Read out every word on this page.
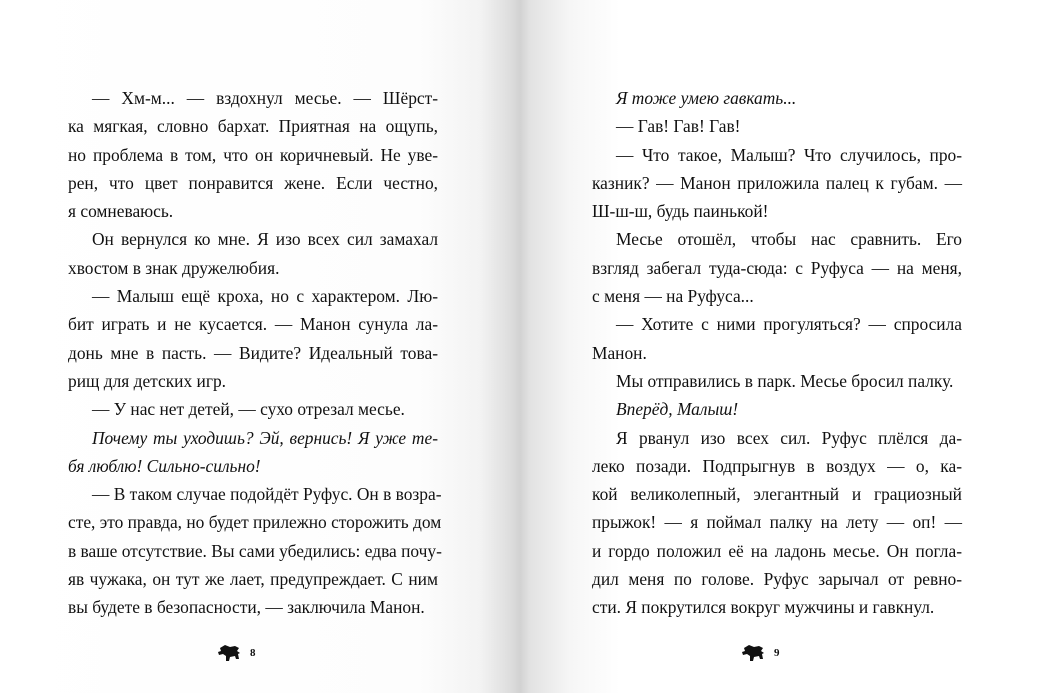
— Хм-м... — вздохнул месье. — Шёрст-
ка мягкая, словно бархат. Приятная на ощупь,
но проблема в том, что он коричневый. Не уве-
рен, что цвет понравится жене. Если честно,
я сомневаюсь.
Он вернулся ко мне. Я изо всех сил замахал
хвостом в знак дружелюбия.
— Малыш ещё кроха, но с характером. Лю-
бит играть и не кусается. — Манон сунула ла-
донь мне в пасть. — Видите? Идеальный това-
рищ для детских игр.
— У нас нет детей, — сухо отрезал месье.
Почему ты уходишь? Эй, вернись! Я уже те-
бя люблю! Сильно-сильно!
— В таком случае подойдёт Руфус. Он в возра-
сте, это правда, но будет прилежно сторожить дом
в ваше отсутствие. Вы сами убедились: едва почу-
яв чужака, он тут же лает, предупреждает. С ним
вы будете в безопасности, — заключила Манон.
Я тоже умею гавкать...
— Гав! Гав! Гав!
— Что такое, Малыш? Что случилось, про-
казник? — Манон приложила палец к губам. —
Ш-ш-ш, будь паинькой!
Месье отошёл, чтобы нас сравнить. Его
взгляд забегал туда-сюда: с Руфуса — на меня,
с меня — на Руфуса...
— Хотите с ними прогуляться? — спросила
Манон.
Мы отправились в парк. Месье бросил палку.
Вперёд, Малыш!
Я рванул изо всех сил. Руфус плёлся да-
леко позади. Подпрыгнув в воздух — о, ка-
кой великолепный, элегантный и грациозный
прыжок! — я поймал палку на лету — оп! —
и гордо положил её на ладонь месье. Он погла-
дил меня по голове. Руфус зарычал от ревно-
сти. Я покрутился вокруг мужчины и гавкнул.
8	9
